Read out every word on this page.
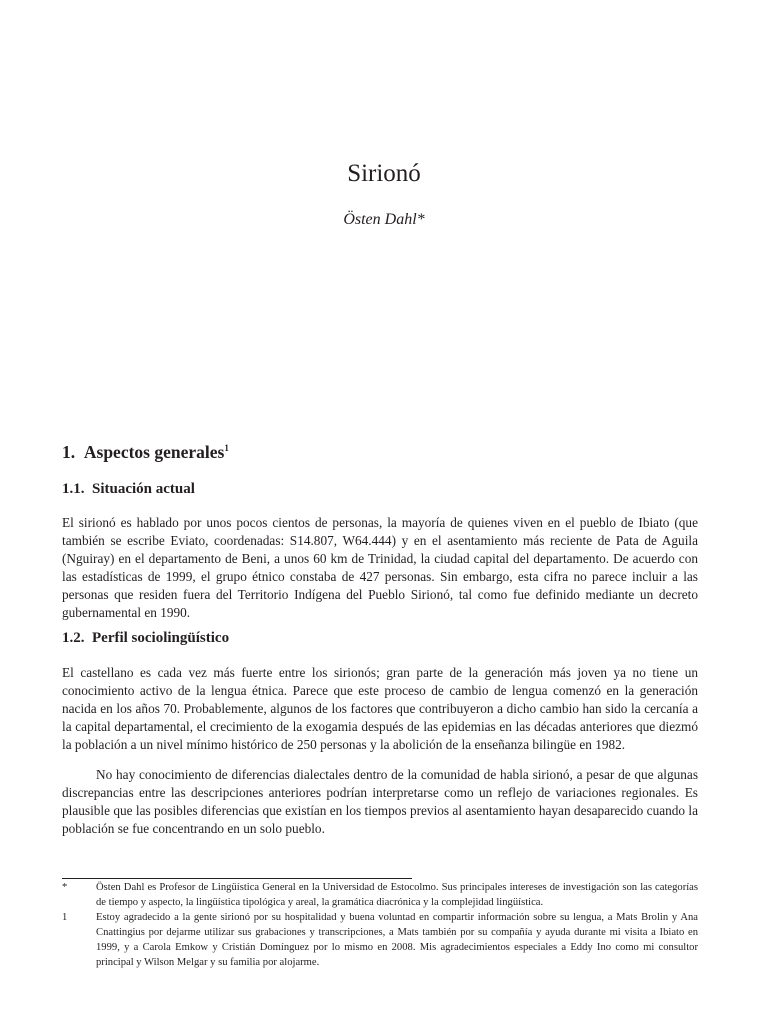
Sirionó
Östen Dahl*
1. Aspectos generales$^1$
1.1. Situación actual

El sirionó es hablado por unos pocos cientos de personas, la mayoría de quienes viven en el pueblo de Ibiato (que también se escribe Eviato, coordenadas: S14.807, W64.444) y en el asentamiento más reciente de Pata de Aguila (Nguiray) en el departamento de Beni, a unos 60 km de Trinidad, la ciudad capital del departamento. De acuerdo con las estadísticas de 1999, el grupo étnico constaba de 427 personas. Sin embargo, esta cifra no parece incluir a las personas que residen fuera del Territorio Indígena del Pueblo Sirionó, tal como fue definido mediante un decreto gubernamental en 1990.

1.2. Perfil sociolingüístico

El castellano es cada vez más fuerte entre los sirionós; gran parte de la generación más joven ya no tiene un conocimiento activo de la lengua étnica. Parece que este proceso de cambio de lengua comenzó en la generación nacida en los años 70. Probablemente, algunos de los factores que contribuyeron a dicho cambio han sido la cercanía a la capital departamental, el crecimiento de la exogamia después de las epidemias en las décadas anteriores que diezmó la población a un nivel mínimo histórico de 250 personas y la abolición de la enseñanza bilingüe en 1982.

No hay conocimiento de diferencias dialectales dentro de la comunidad de habla sirionó, a pesar de que algunas discrepancias entre las descripciones anteriores podrían interpretarse como un reflejo de variaciones regionales. Es plausible que las posibles diferencias que existían en los tiempos previos al asentamiento hayan desaparecido cuando la población se fue concentrando en un solo pueblo.

*	Östen Dahl es Profesor de Lingüística General en la Universidad de Estocolmo. Sus principales intereses de investigación son las categorías de tiempo y aspecto, la lingüística tipológica y areal, la gramática diacrónica y la complejidad lingüística.
1	Estoy agradecido a la gente sirionó por su hospitalidad y buena voluntad en compartir información sobre su lengua, a Mats Brolin y Ana Cnattingius por dejarme utilizar sus grabaciones y transcripciones, a Mats también por su compañía y ayuda durante mi visita a Ibiato en 1999, y a Carola Emkow y Cristián Domínguez por lo mismo en 2008. Mis agradecimientos especiales a Eddy Ino como mi consultor principal y Wilson Melgar y su familia por alojarme.
